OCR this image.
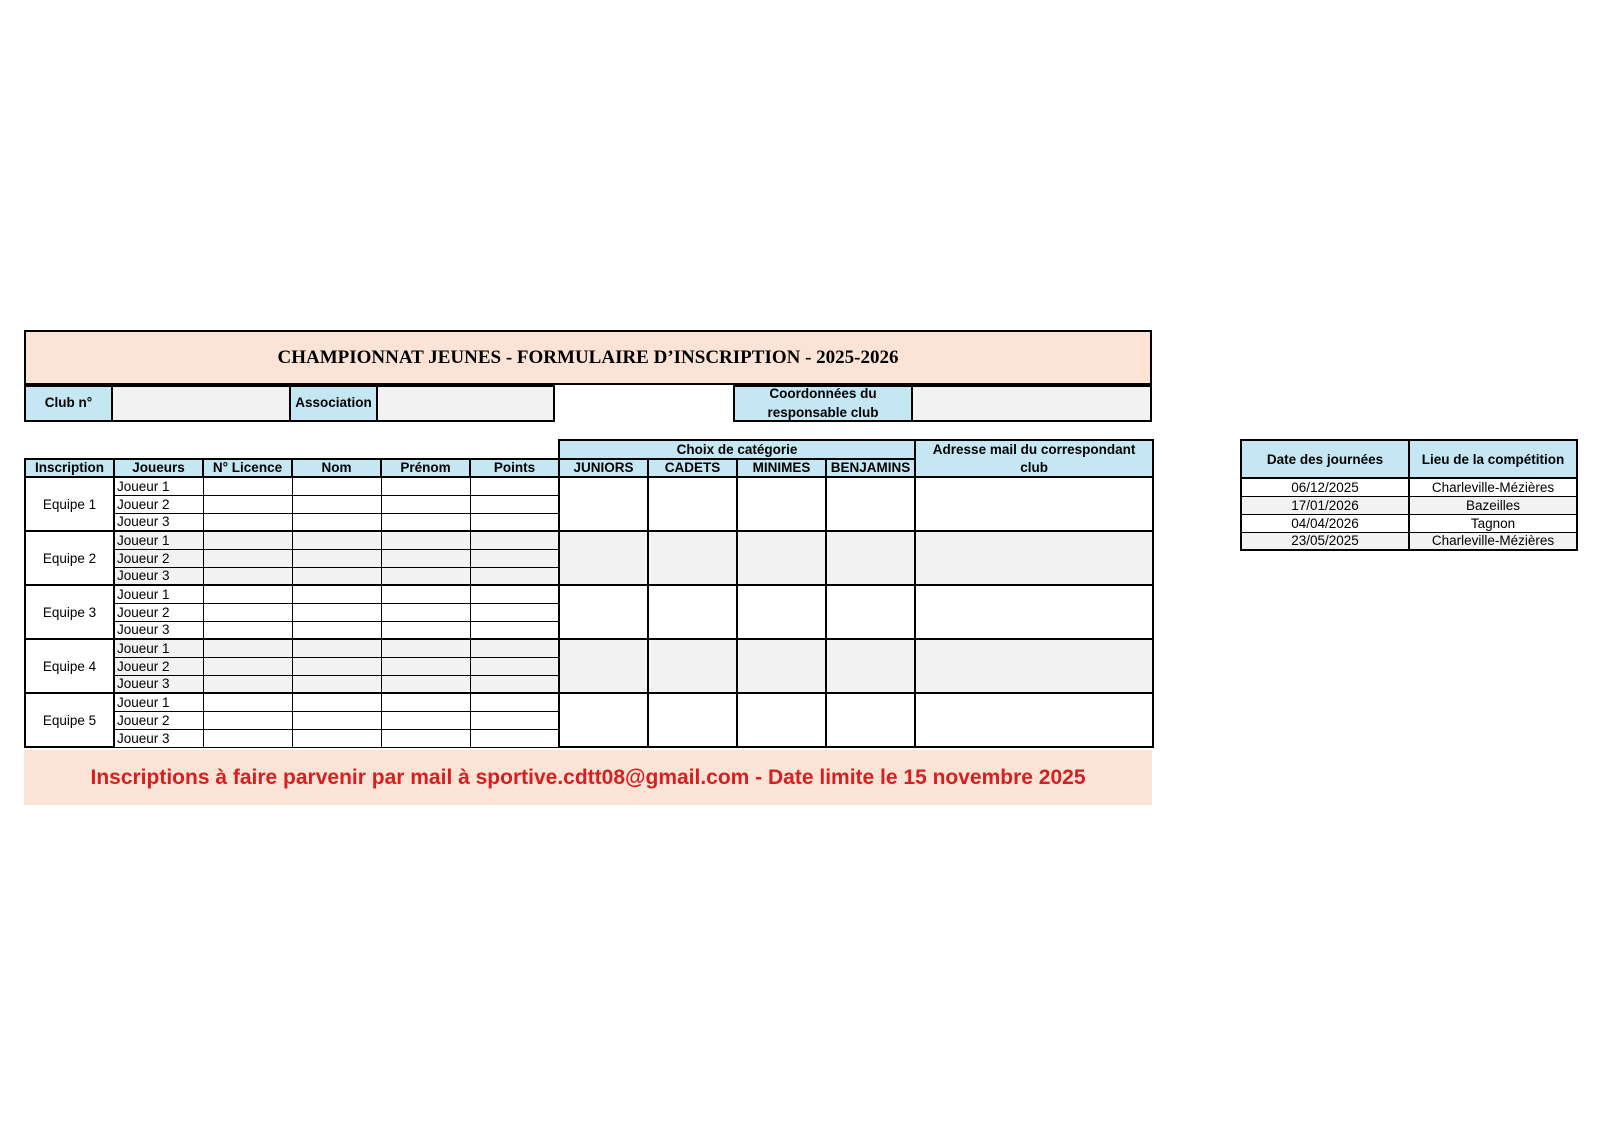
CHAMPIONNAT JEUNES - FORMULAIRE D’INSCRIPTION - 2025-2026
Club n°	Association
Coordonnées du responsable club
						Choix de catégorie				Adresse mail du correspondant club
Inscription	Joueurs	N° Licence	Nom	Prénom	Points	JUNIORS	CADETS	MINIMES	BENJAMINS	
Equipe 1	Joueur 1									
	Joueur 2									
	Joueur 3									
Equipe 2	Joueur 1									
	Joueur 2									
	Joueur 3									
Equipe 3	Joueur 1									
	Joueur 2									
	Joueur 3									
Equipe 4	Joueur 1									
	Joueur 2									
	Joueur 3									
Equipe 5	Joueur 1									
	Joueur 2									
	Joueur 3									
Inscriptions à faire parvenir par mail à sportive.cdtt08@gmail.com - Date limite le 15 novembre 2025
Date des journées	Lieu de la compétition
06/12/2025	Charleville-Mézières
17/01/2026	Bazeilles
04/04/2026	Tagnon
23/05/2025	Charleville-Mézières
